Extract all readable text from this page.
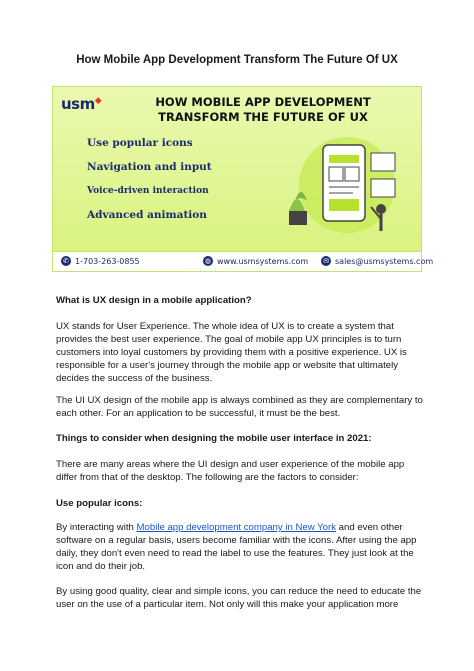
How Mobile App Development Transform The Future Of UX
usm◆	HOW MOBILE APP DEVELOPMENT TRANSFORM THE FUTURE OF UX
Use popular icons
Navigation and input
Voice-driven interaction
Advanced animation
✆ 1-703-263-0855	◍ www.usmsystems.com ✉ sales@usmsystems.com

What is UX design in a mobile application?

UX stands for User Experience. The whole idea of UX is to create a system that provides the best user experience. The goal of mobile app UX principles is to turn customers into loyal customers by providing them with a positive experience. UX is responsible for a user's journey through the mobile app or website that ultimately decides the success of the business.

The UI UX design of the mobile app is always combined as they are complementary to each other. For an application to be successful, it must be the best.

Things to consider when designing the mobile user interface in 2021:

There are many areas where the UI design and user experience of the mobile app differ from that of the desktop. The following are the factors to consider:

Use popular icons:

By interacting with Mobile app development company in New York and even other software on a regular basis, users become familiar with the icons. After using the app daily, they don't even need to read the label to use the features. They just look at the icon and do their job.

By using good quality, clear and simple icons, you can reduce the need to educate the user on the use of a particular item. Not only will this make your application more
